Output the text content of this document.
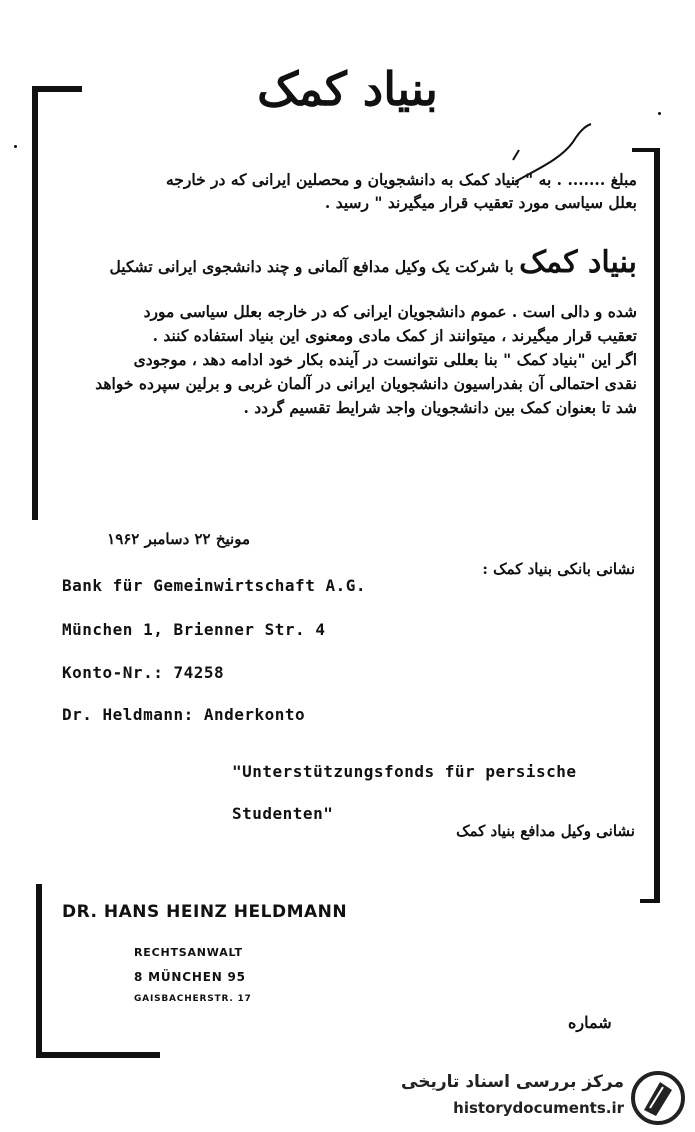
بنیاد کمک
مبلغ ....... . به " بنیاد کمک به دانشجویان و محصلین ایرانی که در خارجه
بعلل سیاسی مورد تعقیب قرار میگیرند " رسید .
بنیاد کمک با شرکت یک وکیل مدافع آلمانی و چند دانشجوی ایرانی تشکیل
شده و دالی است . عموم دانشجویان ایرانی که در خارجه بعلل سیاسی مورد
تعقیب قرار میگیرند ، میتوانند از کمک مادی ومعنوی این بنیاد استفاده کنند .
اگر این "بنیاد کمک " بنا بعللی نتوانست در آینده بکار خود ادامه دهد ، موجودی
نقدی احتمالی آن بفدراسیون دانشجویان ایرانی در آلمان غربی و برلین سپرده خواهد
شد تا بعنوان کمک بین دانشجویان واجد شرایط تقسیم گردد .
مونیخ ۲۲ دسامبر ۱۹۶۲
نشانی بانکی بنیاد کمک :
Bank für Gemeinwirtschaft A.G.
München 1, Brienner Str. 4
Konto-Nr.: 74258
Dr. Heldmann: Anderkonto
"Unterstützungsfonds für persische
Studenten"
نشانی وکیل مدافع بنیاد کمک
DR. HANS HEINZ HELDMANN
RECHTSANWALT
8 MÜNCHEN 95
GAISBACHERSTR. 17
شماره
مرکز بررسی اسناد تاریخی
historydocuments.ir
